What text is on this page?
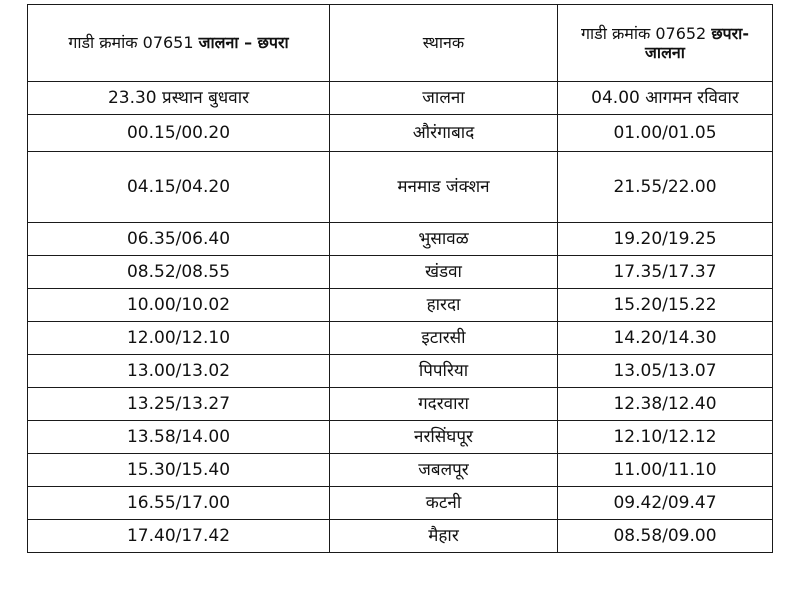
गाडी क्रमांक 07651 जालना – छपरा	स्थानक	गाडी क्रमांक 07652 छपरा-जालना
23.30 प्रस्थान बुधवार	जालना	04.00 आगमन रविवार
00.15/00.20	औरंगाबाद	01.00/01.05
04.15/04.20	मनमाड जंक्शन	21.55/22.00
06.35/06.40	भुसावळ	19.20/19.25
08.52/08.55	खंडवा	17.35/17.37
10.00/10.02	हारदा	15.20/15.22
12.00/12.10	इटारसी	14.20/14.30
13.00/13.02	पिपरिया	13.05/13.07
13.25/13.27	गदरवारा	12.38/12.40
13.58/14.00	नरसिंघपूर	12.10/12.12
15.30/15.40	जबलपूर	11.00/11.10
16.55/17.00	कटनी	09.42/09.47
17.40/17.42	मैहार	08.58/09.00
